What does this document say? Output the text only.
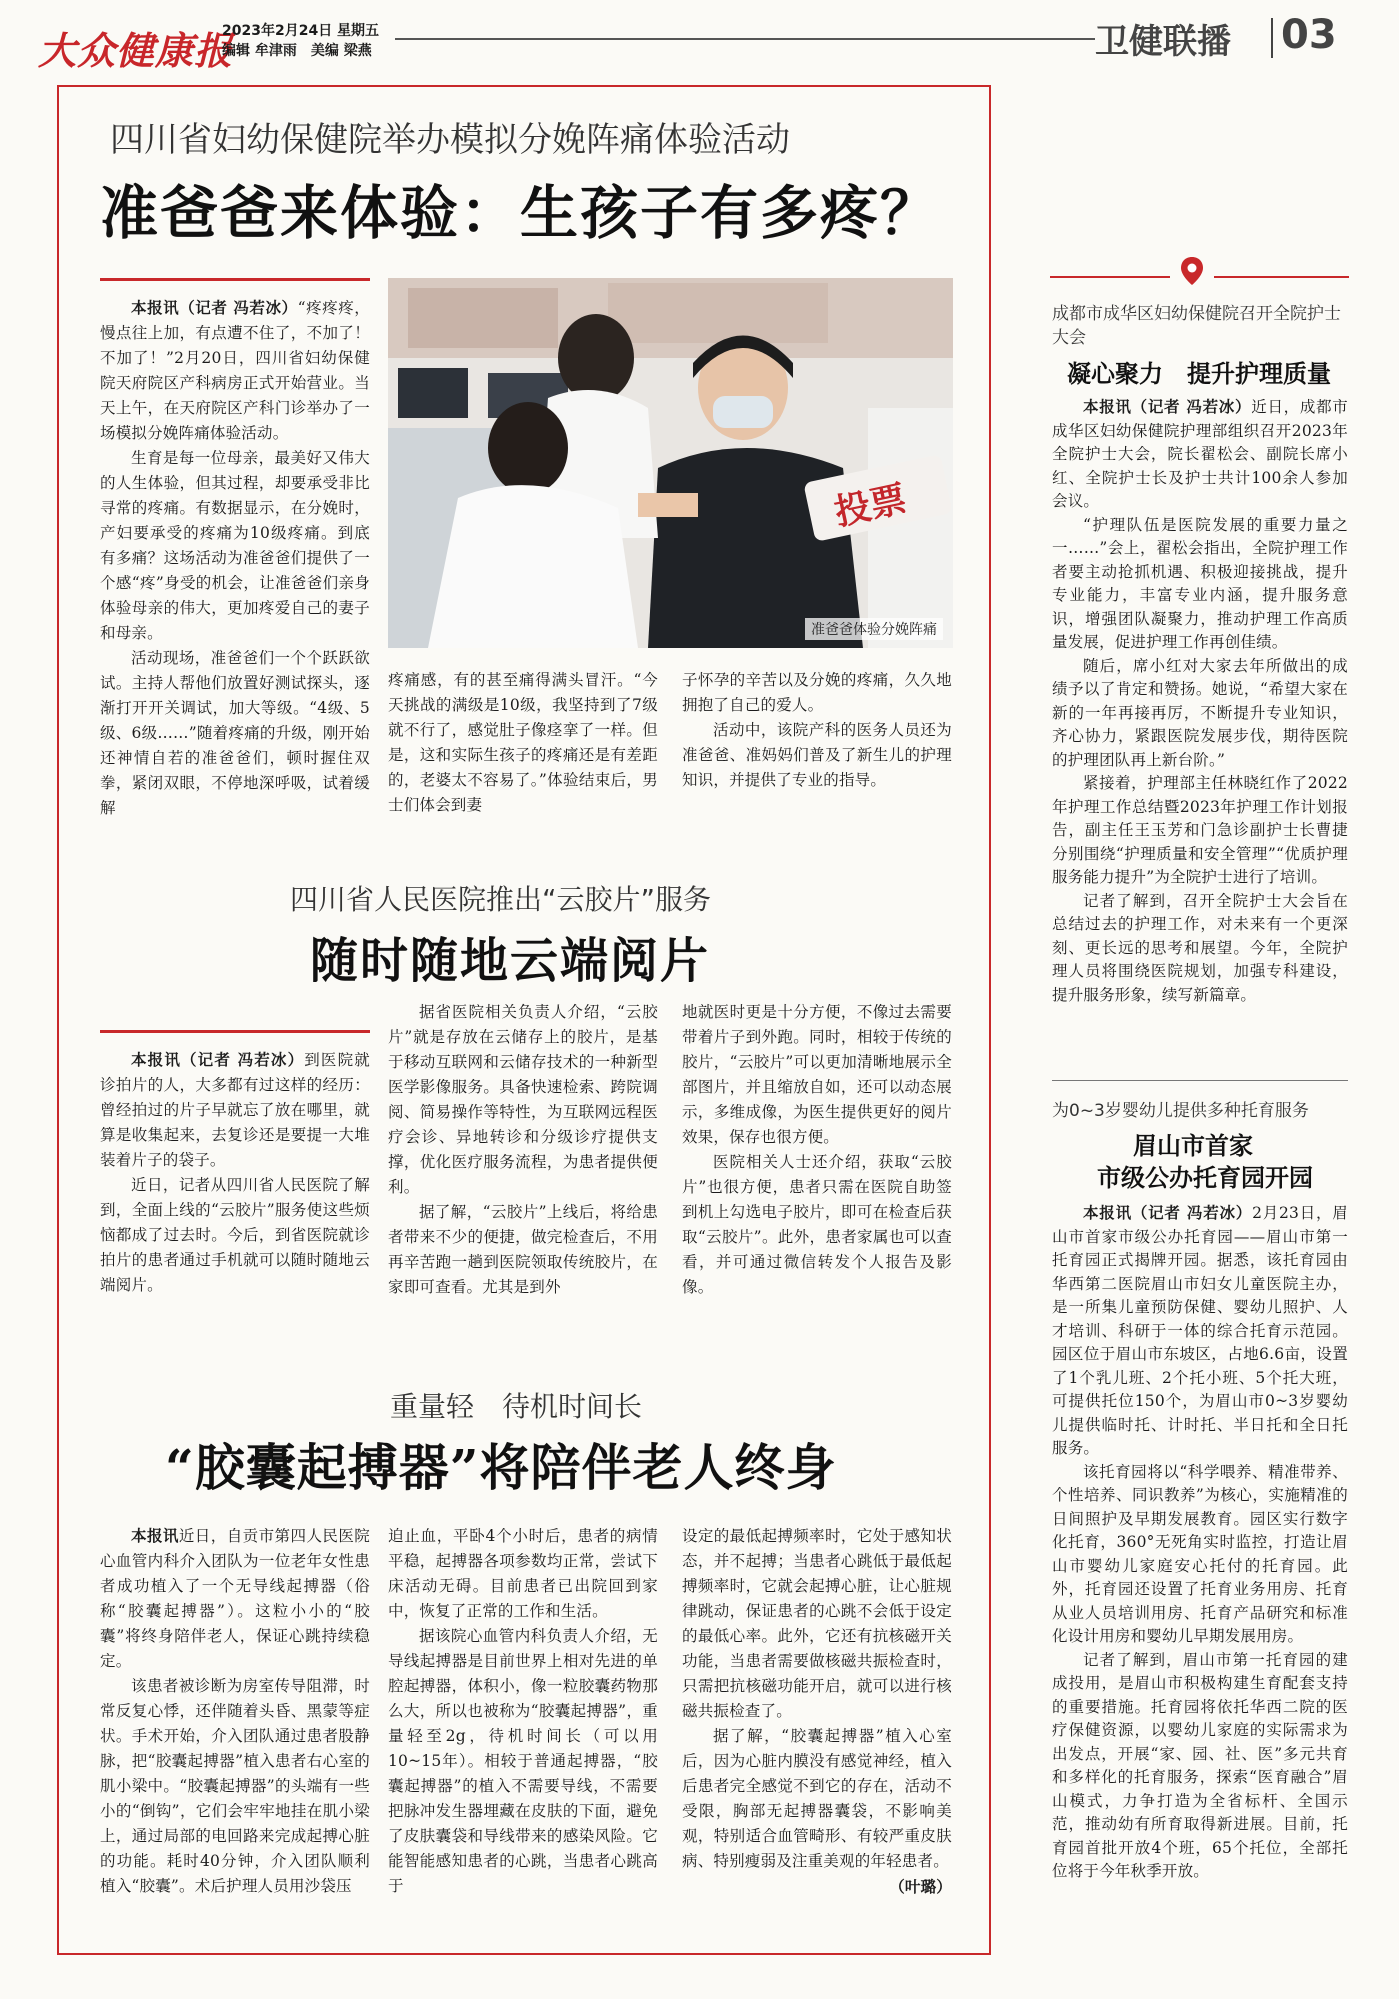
大众健康报
2023年2月24日 星期五
编辑 牟津雨　美编 梁燕	卫健联播 03
四川省妇幼保健院举办模拟分娩阵痛体验活动
准爸爸来体验：生孩子有多疼？
投票
准爸爸体验分娩阵痛

本报讯（记者 冯若冰）“疼疼疼，慢点往上加，有点遭不住了，不加了！不加了！”2月20日，四川省妇幼保健院天府院区产科病房正式开始营业。当天上午，在天府院区产科门诊举办了一场模拟分娩阵痛体验活动。

生育是每一位母亲，最美好又伟大的人生体验，但其过程，却要承受非比寻常的疼痛。有数据显示，在分娩时，产妇要承受的疼痛为10级疼痛。到底有多痛？这场活动为准爸爸们提供了一个感“疼”身受的机会，让准爸爸们亲身体验母亲的伟大，更加疼爱自己的妻子和母亲。

活动现场，准爸爸们一个个跃跃欲试。主持人帮他们放置好测试探头，逐渐打开开关调试，加大等级。“4级、5级、6级……”随着疼痛的升级，刚开始还神情自若的准爸爸们，顿时握住双拳，紧闭双眼，不停地深呼吸，试着缓解

疼痛感，有的甚至痛得满头冒汗。“今天挑战的满级是10级，我坚持到了7级就不行了，感觉肚子像痉挛了一样。但是，这和实际生孩子的疼痛还是有差距的，老婆太不容易了。”体验结束后，男士们体会到妻

子怀孕的辛苦以及分娩的疼痛，久久地拥抱了自己的爱人。

活动中，该院产科的医务人员还为准爸爸、准妈妈们普及了新生儿的护理知识，并提供了专业的指导。

四川省人民医院推出“云胶片”服务
随时随地云端阅片

本报讯（记者 冯若冰）到医院就诊拍片的人，大多都有过这样的经历：曾经拍过的片子早就忘了放在哪里，就算是收集起来，去复诊还是要提一大堆装着片子的袋子。

近日，记者从四川省人民医院了解到，全面上线的“云胶片”服务使这些烦恼都成了过去时。今后，到省医院就诊拍片的患者通过手机就可以随时随地云端阅片。

据省医院相关负责人介绍，“云胶片”就是存放在云储存上的胶片，是基于移动互联网和云储存技术的一种新型医学影像服务。具备快速检索、跨院调阅、简易操作等特性，为互联网远程医疗会诊、异地转诊和分级诊疗提供支撑，优化医疗服务流程，为患者提供便利。

据了解，“云胶片”上线后，将给患者带来不少的便捷，做完检查后，不用再辛苦跑一趟到医院领取传统胶片，在家即可查看。尤其是到外

地就医时更是十分方便，不像过去需要带着片子到外跑。同时，相较于传统的胶片，“云胶片”可以更加清晰地展示全部图片，并且缩放自如，还可以动态展示，多维成像，为医生提供更好的阅片效果，保存也很方便。

医院相关人士还介绍，获取“云胶片”也很方便，患者只需在医院自助签到机上勾选电子胶片，即可在检查后获取“云胶片”。此外，患者家属也可以查看，并可通过微信转发个人报告及影像。

重量轻　待机时间长
“胶囊起搏器”将陪伴老人终身

本报讯近日，自贡市第四人民医院心血管内科介入团队为一位老年女性患者成功植入了一个无导线起搏器（俗称“胶囊起搏器”）。这粒小小的“胶囊”将终身陪伴老人，保证心跳持续稳定。

该患者被诊断为房室传导阻滞，时常反复心悸，还伴随着头昏、黑蒙等症状。手术开始，介入团队通过患者股静脉，把“胶囊起搏器”植入患者右心室的肌小梁中。“胶囊起搏器”的头端有一些小的“倒钩”，它们会牢牢地挂在肌小梁上，通过局部的电回路来完成起搏心脏的功能。耗时40分钟，介入团队顺利植入“胶囊”。术后护理人员用沙袋压

迫止血，平卧4个小时后，患者的病情平稳，起搏器各项参数均正常，尝试下床活动无碍。目前患者已出院回到家中，恢复了正常的工作和生活。

据该院心血管内科负责人介绍，无导线起搏器是目前世界上相对先进的单腔起搏器，体积小，像一粒胶囊药物那么大，所以也被称为“胶囊起搏器”，重量轻至2g，待机时间长（可以用10~15年）。相较于普通起搏器，“胶囊起搏器”的植入不需要导线，不需要把脉冲发生器埋藏在皮肤的下面，避免了皮肤囊袋和导线带来的感染风险。它能智能感知患者的心跳，当患者心跳高于

设定的最低起搏频率时，它处于感知状态，并不起搏；当患者心跳低于最低起搏频率时，它就会起搏心脏，让心脏规律跳动，保证患者的心跳不会低于设定的最低心率。此外，它还有抗核磁开关功能，当患者需要做核磁共振检查时，只需把抗核磁功能开启，就可以进行核磁共振检查了。

据了解，“胶囊起搏器”植入心室后，因为心脏内膜没有感觉神经，植入后患者完全感觉不到它的存在，活动不受限，胸部无起搏器囊袋，不影响美观，特别适合血管畸形、有较严重皮肤病、特别瘦弱及注重美观的年轻患者。

（叶璐）
成都市成华区妇幼保健院召开全院护士大会
凝心聚力　提升护理质量

本报讯（记者 冯若冰）近日，成都市成华区妇幼保健院护理部组织召开2023年全院护士大会，院长翟松会、副院长席小红、全院护士长及护士共计100余人参加会议。

“护理队伍是医院发展的重要力量之一……”会上，翟松会指出，全院护理工作者要主动抢抓机遇、积极迎接挑战，提升专业能力，丰富专业内涵，提升服务意识，增强团队凝聚力，推动护理工作高质量发展，促进护理工作再创佳绩。

随后，席小红对大家去年所做出的成绩予以了肯定和赞扬。她说，“希望大家在新的一年再接再厉，不断提升专业知识，齐心协力，紧跟医院发展步伐，期待医院的护理团队再上新台阶。”

紧接着，护理部主任林晓红作了2022年护理工作总结暨2023年护理工作计划报告，副主任王玉芳和门急诊副护士长曹捷分别围绕“护理质量和安全管理”“优质护理服务能力提升”为全院护士进行了培训。

记者了解到，召开全院护士大会旨在总结过去的护理工作，对未来有一个更深刻、更长远的思考和展望。今年，全院护理人员将围绕医院规划，加强专科建设，提升服务形象，续写新篇章。

为0~3岁婴幼儿提供多种托育服务
眉山市首家
市级公办托育园开园

本报讯（记者 冯若冰）2月23日，眉山市首家市级公办托育园——眉山市第一托育园正式揭牌开园。据悉，该托育园由华西第二医院眉山市妇女儿童医院主办，是一所集儿童预防保健、婴幼儿照护、人才培训、科研于一体的综合托育示范园。园区位于眉山市东坡区，占地6.6亩，设置了1个乳儿班、2个托小班、5个托大班，可提供托位150个，为眉山市0~3岁婴幼儿提供临时托、计时托、半日托和全日托服务。

该托育园将以“科学喂养、精准带养、个性培养、同识教养”为核心，实施精准的日间照护及早期发展教育。园区实行数字化托育，360°无死角实时监控，打造让眉山市婴幼儿家庭安心托付的托育园。此外，托育园还设置了托育业务用房、托育从业人员培训用房、托育产品研究和标准化设计用房和婴幼儿早期发展用房。

记者了解到，眉山市第一托育园的建成投用，是眉山市积极构建生育配套支持的重要措施。托育园将依托华西二院的医疗保健资源，以婴幼儿家庭的实际需求为出发点，开展“家、园、社、医”多元共育和多样化的托育服务，探索“医育融合”眉山模式，力争打造为全省标杆、全国示范，推动幼有所育取得新进展。目前，托育园首批开放4个班，65个托位，全部托位将于今年秋季开放。
